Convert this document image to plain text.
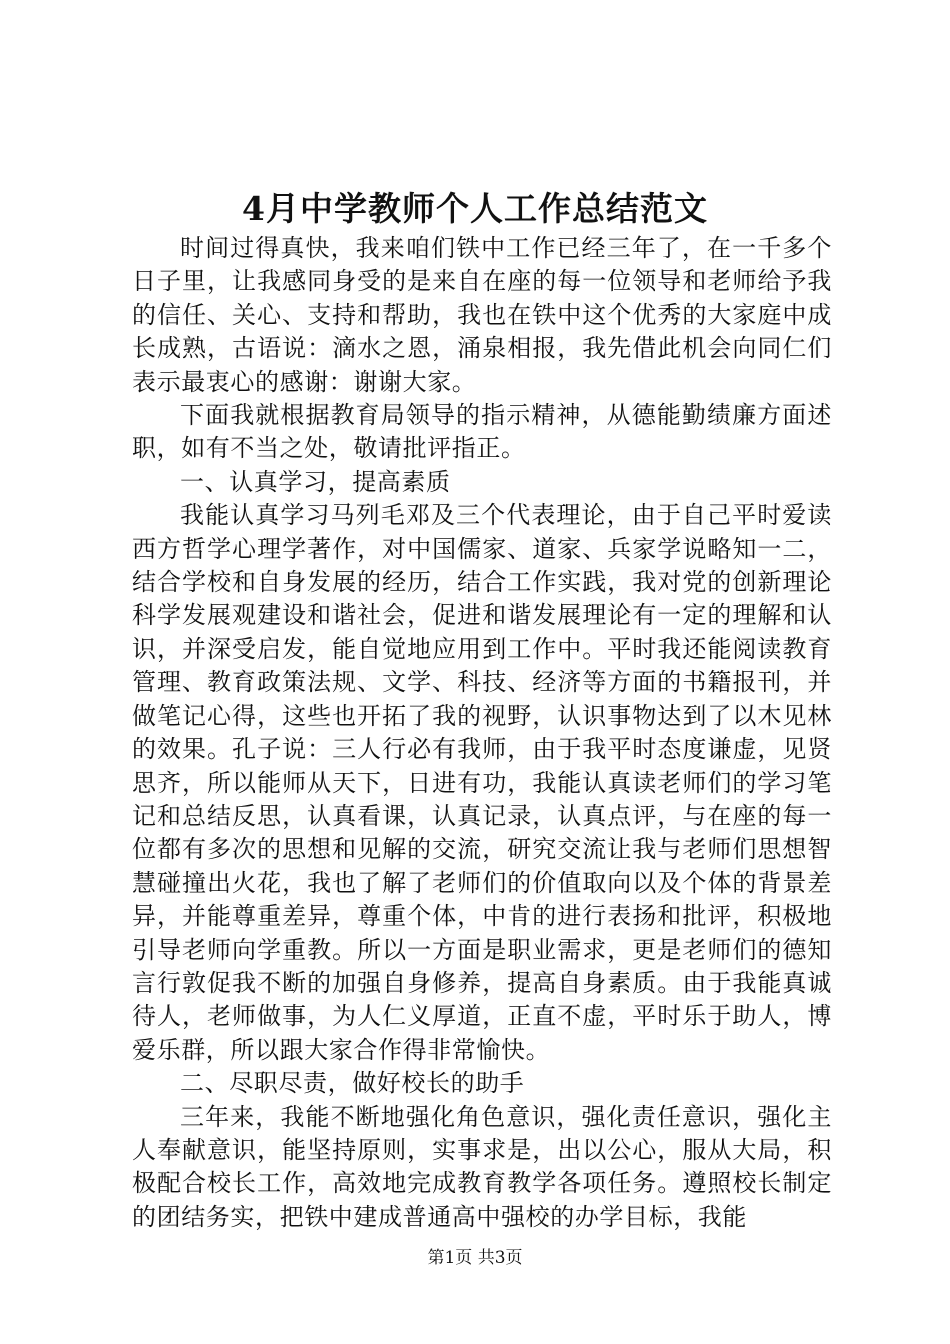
4月中学教师个人工作总结范文

时间过得真快，我来咱们铁中工作已经三年了，在一千多个日子里，让我感同身受的是来自在座的每一位领导和老师给予我的信任、关心、支持和帮助，我也在铁中这个优秀的大家庭中成长成熟，古语说：滴水之恩，涌泉相报，我先借此机会向同仁们表示最衷心的感谢：谢谢大家。

下面我就根据教育局领导的指示精神，从德能勤绩廉方面述职，如有不当之处，敬请批评指正。

一、认真学习，提高素质

我能认真学习马列毛邓及三个代表理论，由于自己平时爱读西方哲学心理学著作，对中国儒家、道家、兵家学说略知一二，结合学校和自身发展的经历，结合工作实践，我对党的创新理论科学发展观建设和谐社会，促进和谐发展理论有一定的理解和认识，并深受启发，能自觉地应用到工作中。平时我还能阅读教育管理、教育政策法规、文学、科技、经济等方面的书籍报刊，并做笔记心得，这些也开拓了我的视野，认识事物达到了以木见林的效果。孔子说：三人行必有我师，由于我平时态度谦虚，见贤思齐，所以能师从天下，日进有功，我能认真读老师们的学习笔记和总结反思，认真看课，认真记录，认真点评，与在座的每一位都有多次的思想和见解的交流，研究交流让我与老师们思想智慧碰撞出火花，我也了解了老师们的价值取向以及个体的背景差异，并能尊重差异，尊重个体，中肯的进行表扬和批评，积极地引导老师向学重教。所以一方面是职业需求，更是老师们的德知言行敦促我不断的加强自身修养，提高自身素质。由于我能真诚待人，老师做事，为人仁义厚道，正直不虚，平时乐于助人，博爱乐群，所以跟大家合作得非常愉快。

二、尽职尽责，做好校长的助手

三年来，我能不断地强化角色意识，强化责任意识，强化主人奉献意识，能坚持原则，实事求是，出以公心，服从大局，积极配合校长工作，高效地完成教育教学各项任务。遵照校长制定的团结务实，把铁中建成普通高中强校的办学目标，我能

第1页 共3页
